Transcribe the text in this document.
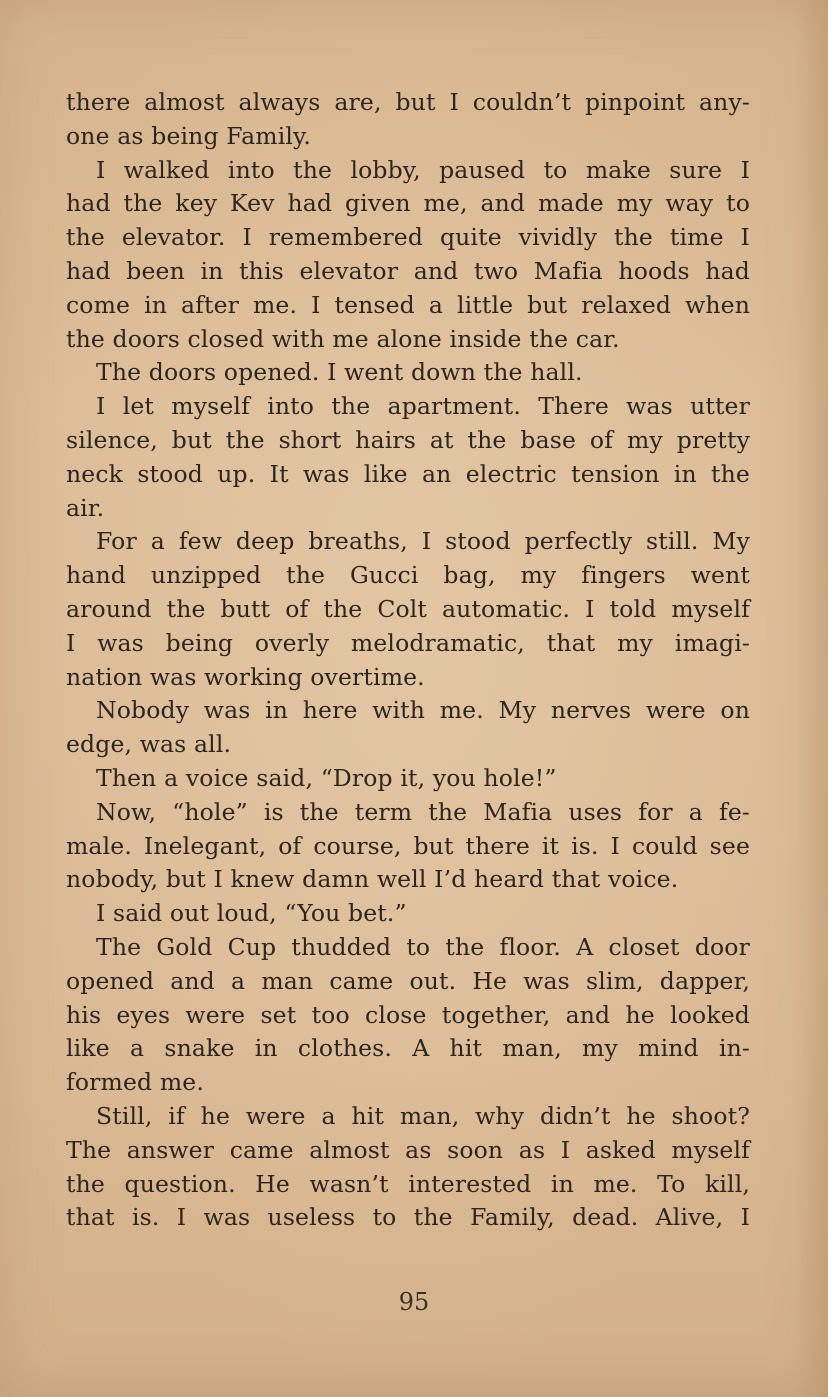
there almost always are, but I couldn’t pinpoint any-
one as being Family.
I walked into the lobby, paused to make sure I
had the key Kev had given me, and made my way to
the elevator. I remembered quite vividly the time I
had been in this elevator and two Mafia hoods had
come in after me. I tensed a little but relaxed when
the doors closed with me alone inside the car.
The doors opened. I went down the hall.
I let myself into the apartment. There was utter
silence, but the short hairs at the base of my pretty
neck stood up. It was like an electric tension in the
air.
For a few deep breaths, I stood perfectly still. My
hand unzipped the Gucci bag, my fingers went
around the butt of the Colt automatic. I told myself
I was being overly melodramatic, that my imagi-
nation was working overtime.
Nobody was in here with me. My nerves were on
edge, was all.
Then a voice said, “Drop it, you hole!”
Now, “hole” is the term the Mafia uses for a fe-
male. Inelegant, of course, but there it is. I could see
nobody, but I knew damn well I’d heard that voice.
I said out loud, “You bet.”
The Gold Cup thudded to the floor. A closet door
opened and a man came out. He was slim, dapper,
his eyes were set too close together, and he looked
like a snake in clothes. A hit man, my mind in-
formed me.
Still, if he were a hit man, why didn’t he shoot?
The answer came almost as soon as I asked myself
the question. He wasn’t interested in me. To kill,
that is. I was useless to the Family, dead. Alive, I
95
